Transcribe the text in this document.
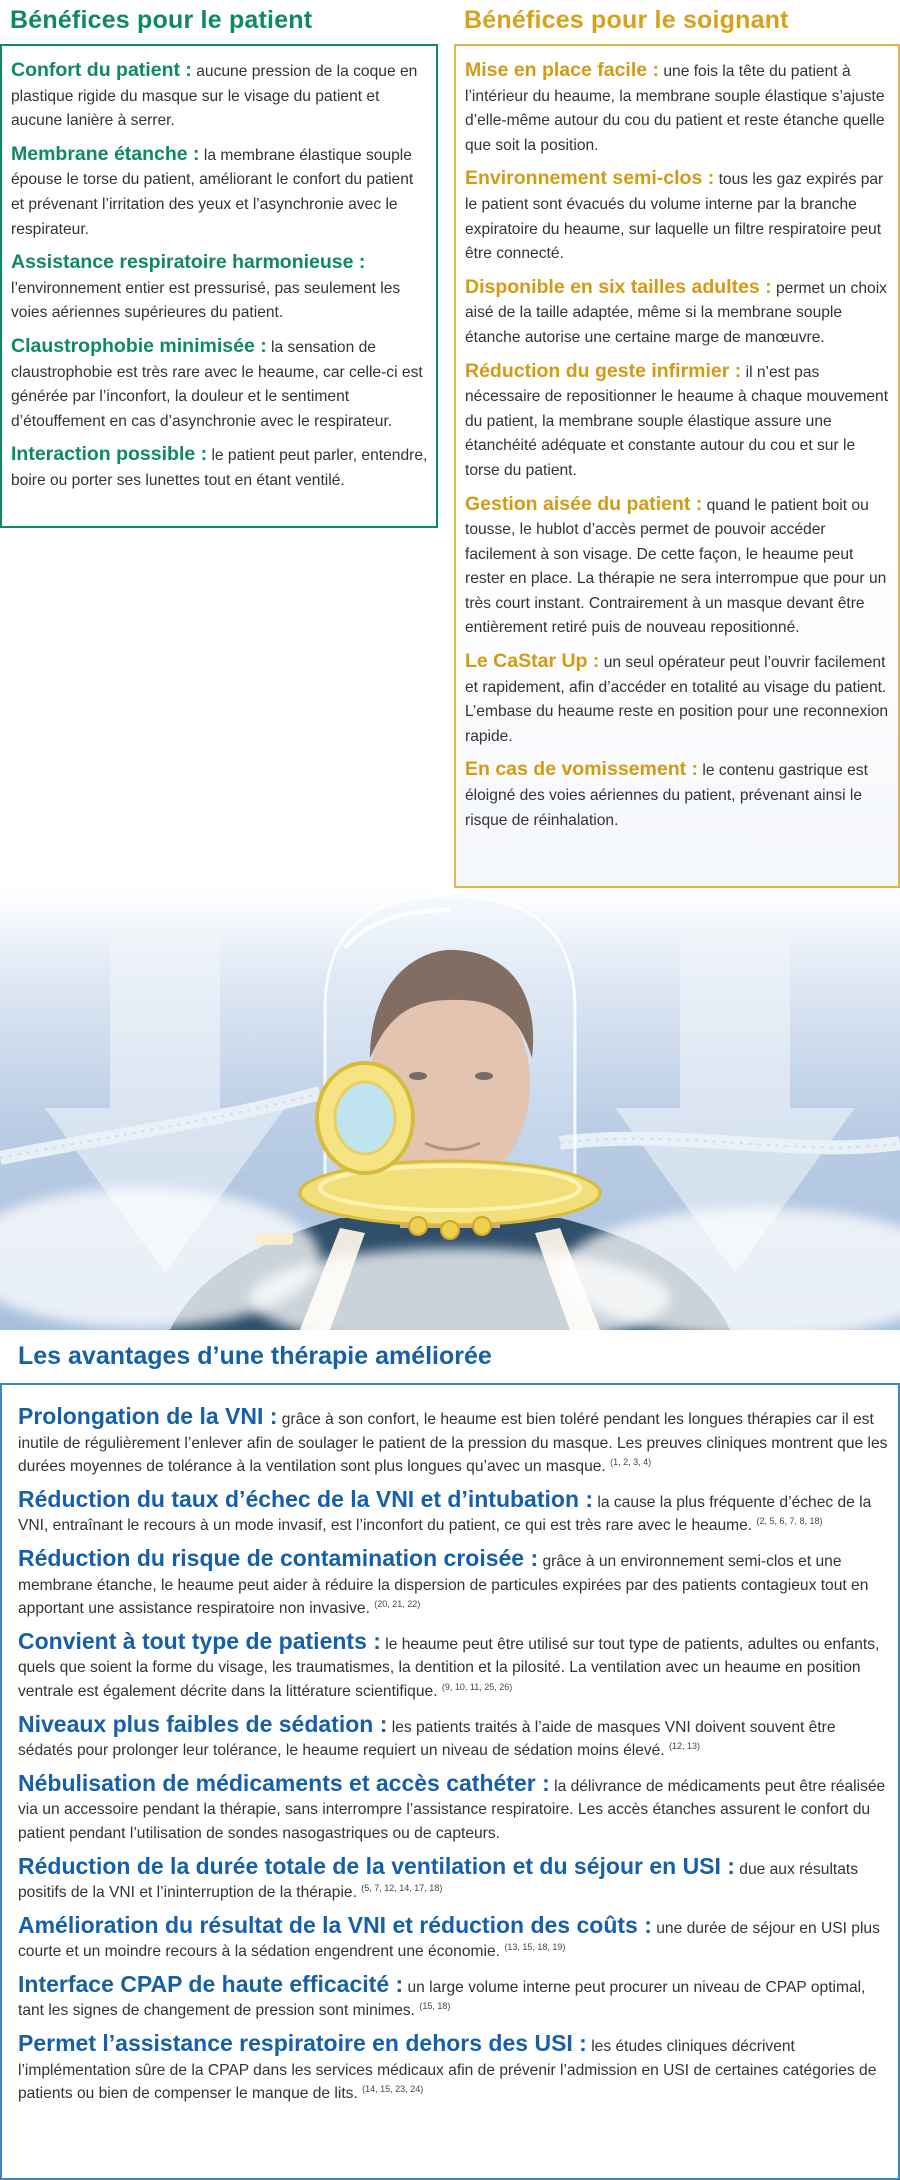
Bénéfices pour le patient	Bénéfices pour le soignant

Confort du patient : aucune pression de la coque en plastique rigide du masque sur le visage du patient et aucune lanière à serrer.

Membrane étanche : la membrane élastique souple épouse le torse du patient, améliorant le confort du patient et prévenant l’irritation des yeux et l’asynchronie avec le respirateur.

Assistance respiratoire harmonieuse : l’environnement entier est pressurisé, pas seulement les voies aériennes supérieures du patient.

Claustrophobie minimisée : la sensation de claustrophobie est très rare avec le heaume, car celle-ci est générée par l’inconfort, la douleur et le sentiment d’étouffement en cas d’asynchronie avec le respirateur.

Interaction possible : le patient peut parler, entendre, boire ou porter ses lunettes tout en étant ventilé.

Mise en place facile : une fois la tête du patient à l’intérieur du heaume, la membrane souple élastique s’ajuste d’elle-même autour du cou du patient et reste étanche quelle que soit la position.

Environnement semi-clos : tous les gaz expirés par le patient sont évacués du volume interne par la branche expiratoire du heaume, sur laquelle un filtre respiratoire peut être connecté.

Disponible en six tailles adultes : permet un choix aisé de la taille adaptée, même si la membrane souple étanche autorise une certaine marge de manœuvre.

Réduction du geste infirmier : il n’est pas nécessaire de repositionner le heaume à chaque mouvement du patient, la membrane souple élastique assure une étanchéité adéquate et constante autour du cou et sur le torse du patient.

Gestion aisée du patient : quand le patient boit ou tousse, le hublot d’accès permet de pouvoir accéder facilement à son visage. De cette façon, le heaume peut rester en place. La thérapie ne sera interrompue que pour un très court instant. Contrairement à un masque devant être entièrement retiré puis de nouveau repositionné.

Le CaStar Up : un seul opérateur peut l’ouvrir facilement et rapidement, afin d’accéder en totalité au visage du patient. L’embase du heaume reste en position pour une reconnexion rapide.

En cas de vomissement : le contenu gastrique est éloigné des voies aériennes du patient, prévenant ainsi le risque de réinhalation.

Les avantages d’une thérapie améliorée

Prolongation de la VNI : grâce à son confort, le heaume est bien toléré pendant les longues thérapies car il est inutile de régulièrement l’enlever afin de soulager le patient de la pression du masque. Les preuves cliniques montrent que les durées moyennes de tolérance à la ventilation sont plus longues qu’avec un masque. $^{(1, 2, 3, 4)}$

Réduction du taux d’échec de la VNI et d’intubation : la cause la plus fréquente d’échec de la VNI, entraînant le recours à un mode invasif, est l’inconfort du patient, ce qui est très rare avec le heaume. $^{(2, 5, 6, 7, 8, 18)}$

Réduction du risque de contamination croisée : grâce à un environnement semi-clos et une membrane étanche, le heaume peut aider à réduire la dispersion de particules expirées par des patients contagieux tout en apportant une assistance respiratoire non invasive. $^{(20, 21, 22)}$

Convient à tout type de patients : le heaume peut être utilisé sur tout type de patients, adultes ou enfants, quels que soient la forme du visage, les traumatismes, la dentition et la pilosité. La ventilation avec un heaume en position ventrale est également décrite dans la littérature scientifique. $^{(9, 10, 11, 25, 26)}$

Niveaux plus faibles de sédation : les patients traités à l’aide de masques VNI doivent souvent être sédatés pour prolonger leur tolérance, le heaume requiert un niveau de sédation moins élevé. $^{(12, 13)}$

Nébulisation de médicaments et accès cathéter : la délivrance de médicaments peut être réalisée via un accessoire pendant la thérapie, sans interrompre l’assistance respiratoire. Les accès étanches assurent le confort du patient pendant l’utilisation de sondes nasogastriques ou de capteurs.

Réduction de la durée totale de la ventilation et du séjour en USI : due aux résultats positifs de la VNI et l’ininterruption de la thérapie. $^{(5, 7, 12, 14, 17, 18)}$

Amélioration du résultat de la VNI et réduction des coûts : une durée de séjour en USI plus courte et un moindre recours à la sédation engendrent une économie. $^{(13, 15, 18, 19)}$

Interface CPAP de haute efficacité : un large volume interne peut procurer un niveau de CPAP optimal, tant les signes de changement de pression sont minimes. $^{(15, 18)}$

Permet l’assistance respiratoire en dehors des USI : les études cliniques décrivent l’implémentation sûre de la CPAP dans les services médicaux afin de prévenir l’admission en USI de certaines catégories de patients ou bien de compenser le manque de lits. $^{(14, 15, 23, 24)}$
